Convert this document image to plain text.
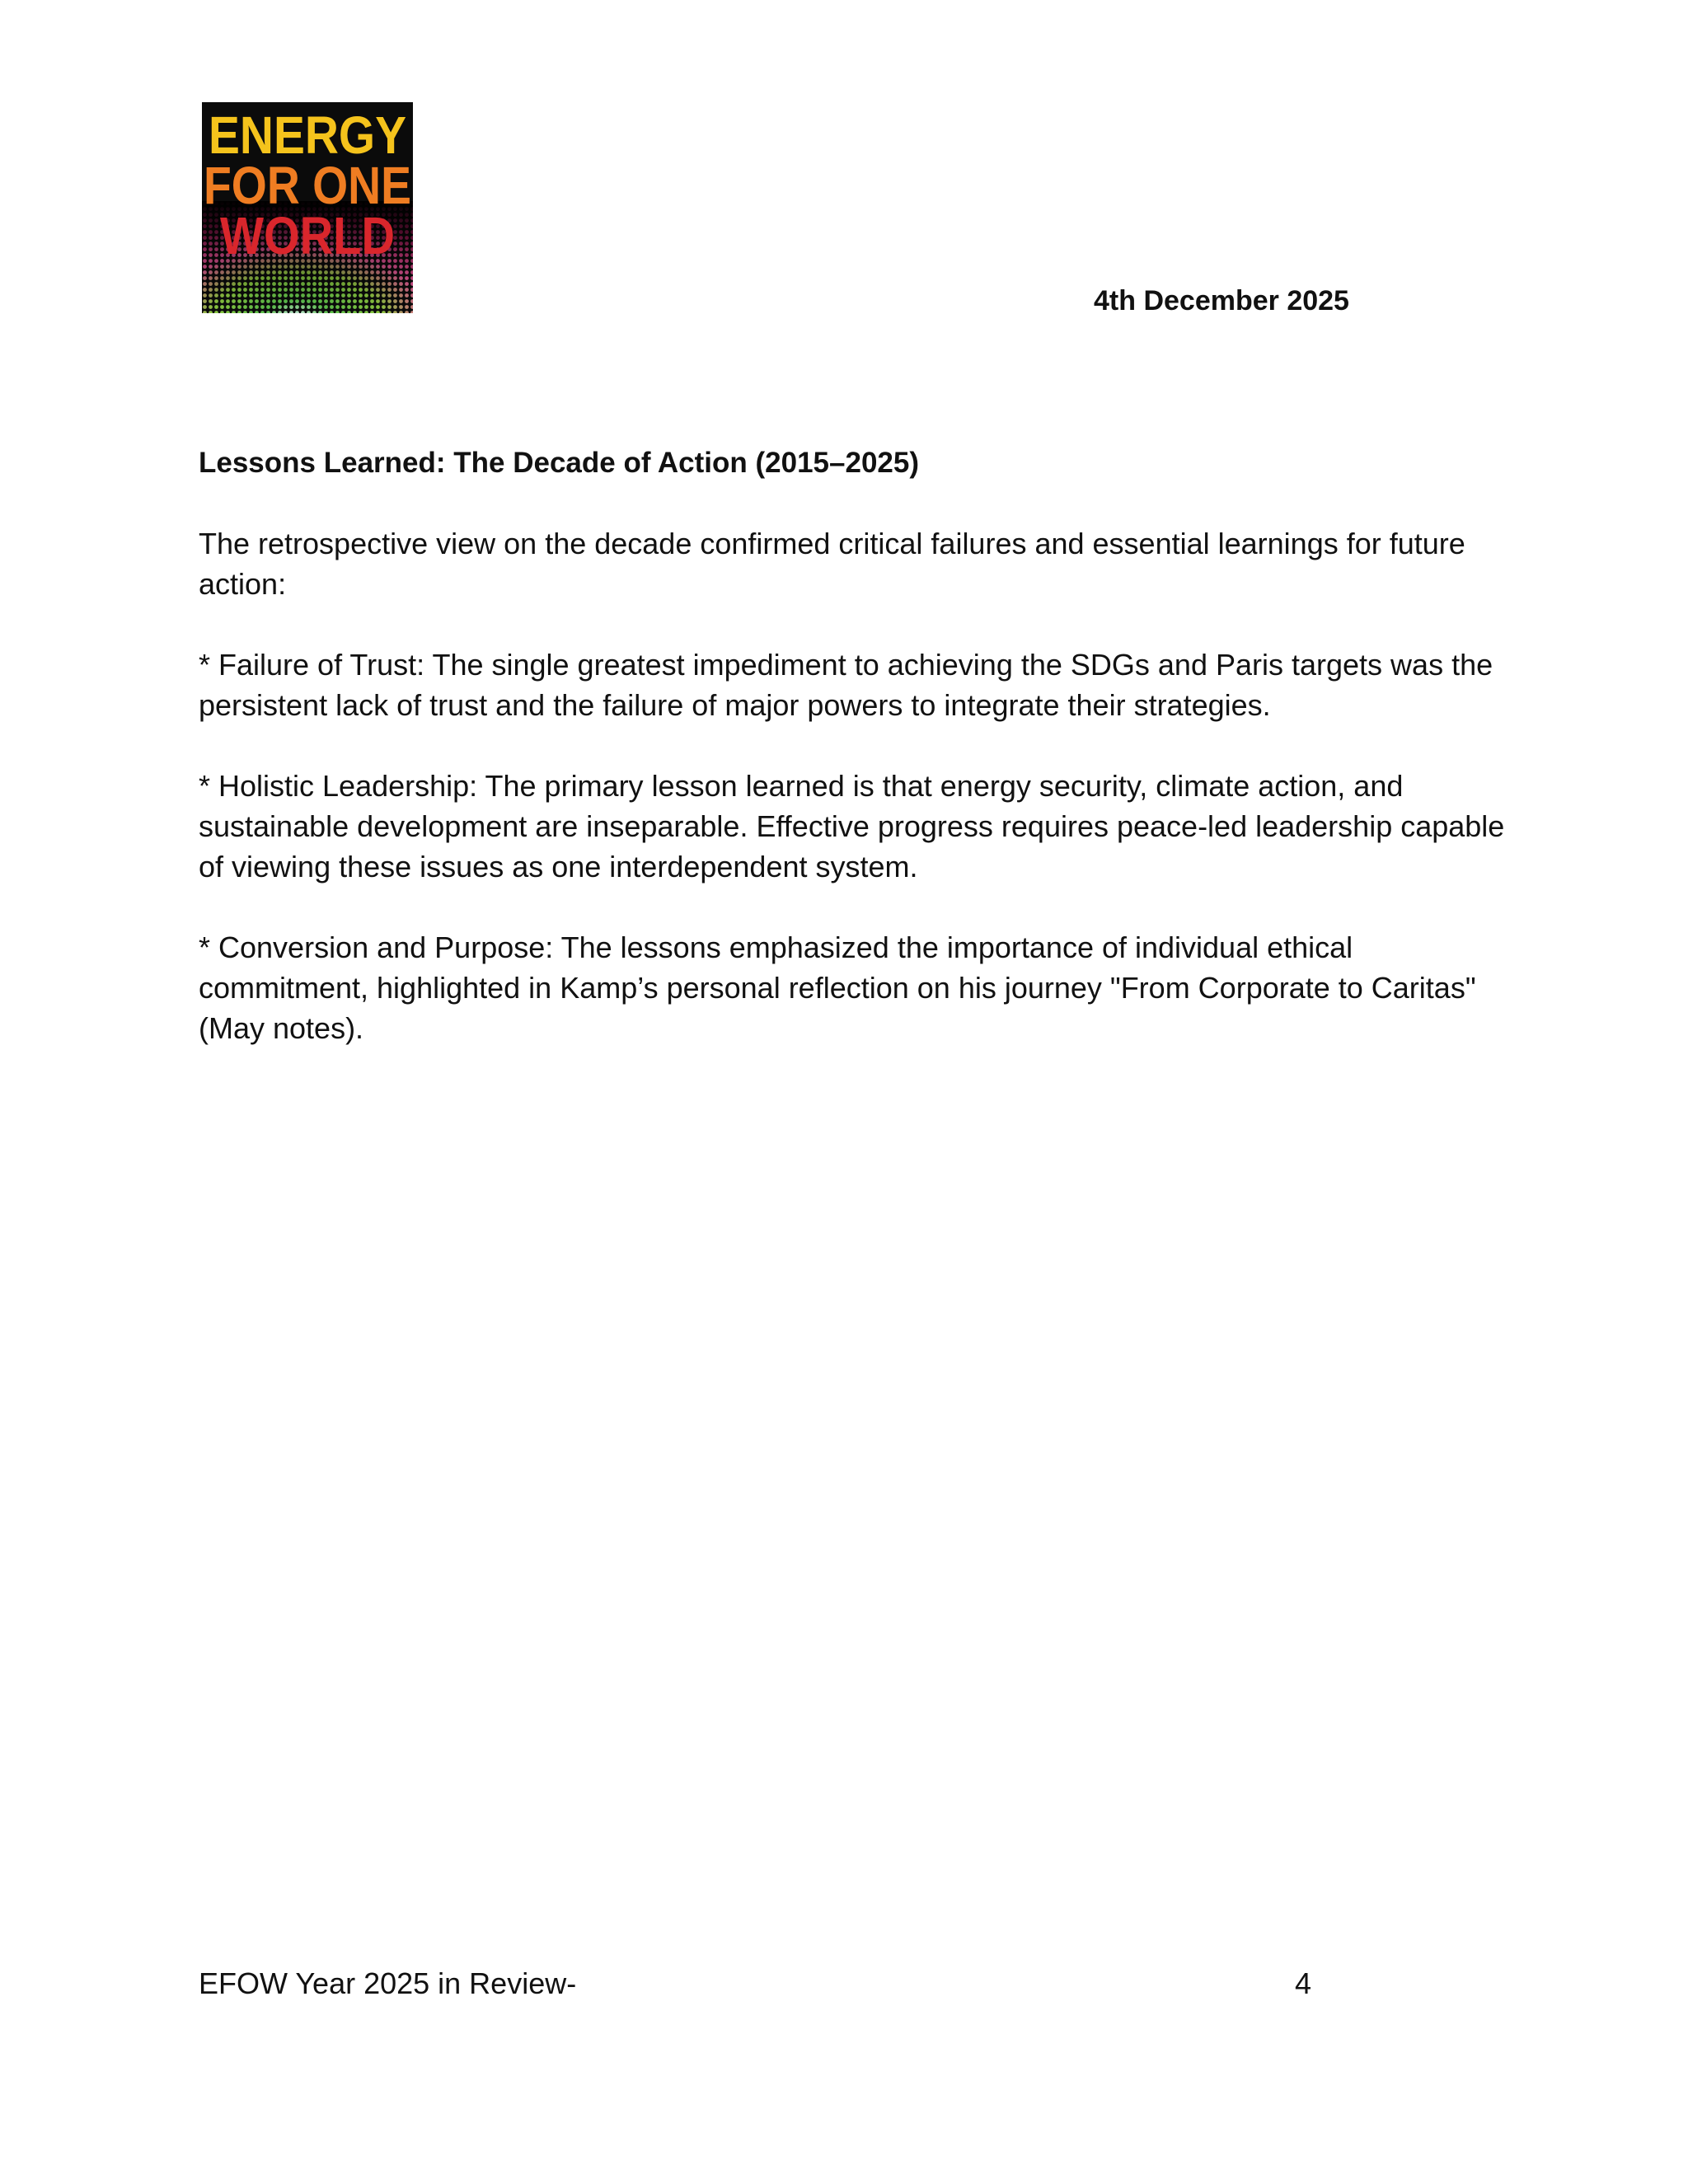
ENERGY
FOR ONE
WORLD

4th December 2025

Lessons Learned: The Decade of Action (2015–2025)

The retrospective view on the decade confirmed critical failures and essential learnings for future action:

* Failure of Trust: The single greatest impediment to achieving the SDGs and Paris targets was the persistent lack of trust and the failure of major powers to integrate their strategies.

* Holistic Leadership: The primary lesson learned is that energy security, climate action, and sustainable development are inseparable. Effective progress requires peace-led leadership capable of viewing these issues as one interdependent system.

* Conversion and Purpose: The lessons emphasized the importance of individual ethical commitment, highlighted in Kamp’s personal reflection on his journey "From Corporate to Caritas" (May notes).

EFOW Year 2025 in Review-	4
